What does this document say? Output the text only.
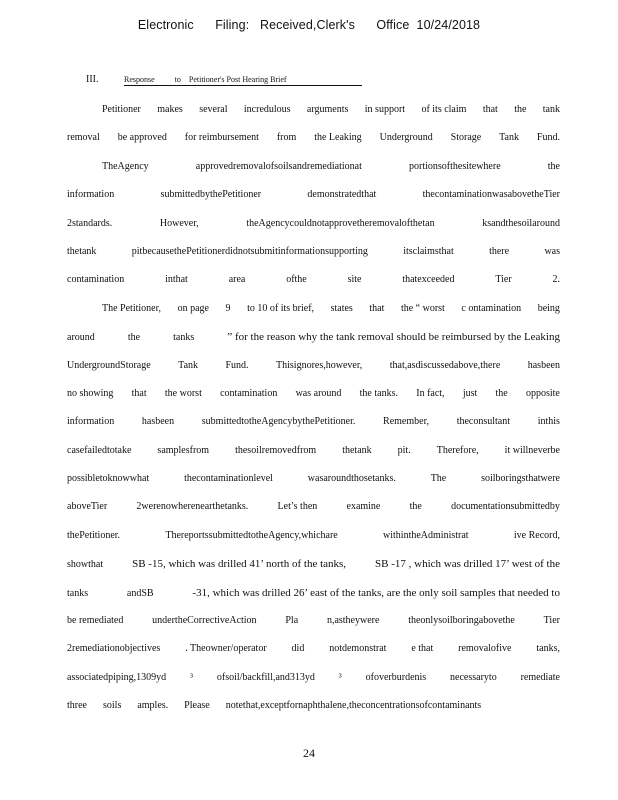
Electronic      Filing:   Received,Clerk's      Office  10/24/2018
III.	Response          to    Petitioner's Post Hearing Brief
Petitioner makes several incredulous arguments in support of its claim that the tank
removal be approved for reimbursement from the Leaking Underground Storage Tank Fund.
TheAgency	approvedremovalofsoilsandremediationat	portionsofthesitewhere	the
information	submittedbythePetitioner	demonstratedthat	thecontaminationwasabovetheTier
2standards.	However,	theAgencycouldnotapprovetheremovalofthetan	ksandthesoilaround
thetank	pitbecausethePetitionerdidnotsubmitinformationsupporting	itsclaimsthat	there	was
contamination	inthat	area	ofthe	site	thatexceeded	Tier	2.
The Petitioner, on page 9 to 10 of its brief, states that the “ worst c ontamination being
around	the	tanks	” for the reason why the tank removal should be reimbursed by the Leaking
UndergroundStorage	Tank	Fund.	Thisignores,however,	that,asdiscussedabove,there	hasbeen
no showing that the worst contamination was around the tanks. In fact, just the opposite
information	hasbeen	submittedtotheAgencybythePetitioner.	Remember,	theconsultant	inthis
casefailedtotake	samplesfrom	thesoilremovedfrom	thetank	pit.	Therefore,	it willneverbe
possibletoknowwhat	thecontaminationlevel	wasaroundthosetanks.	The	soilboringsthatwere
aboveTier	2werenowherenearthetanks.	Let’s then	examine	the	documentationsubmittedby
thePetitioner.	ThereportssubmittedtotheAgency,whichare	withintheAdministrat	ive Record,
showthat	SB -15, which was drilled 41’ north of the tanks,	SB -17 , which was drilled 17’ west of the
tanks	andSB	-31, which was drilled 26’ east of the tanks, are the only soil samples that needed to
be remediated	undertheCorrectiveAction	Pla	n,astheywere	theonlysoilboringabovethe	Tier
2remediationobjectives . Theowner/operator did notdemonstrat e that removalofive tanks,
associatedpiping,1309yd ³ ofsoil/backfill,and313yd ³ ofoverburdenis necessaryto remediate
three soils amples. Please notethat,exceptfornaphthalene,theconcentrationsofcontaminants
24
